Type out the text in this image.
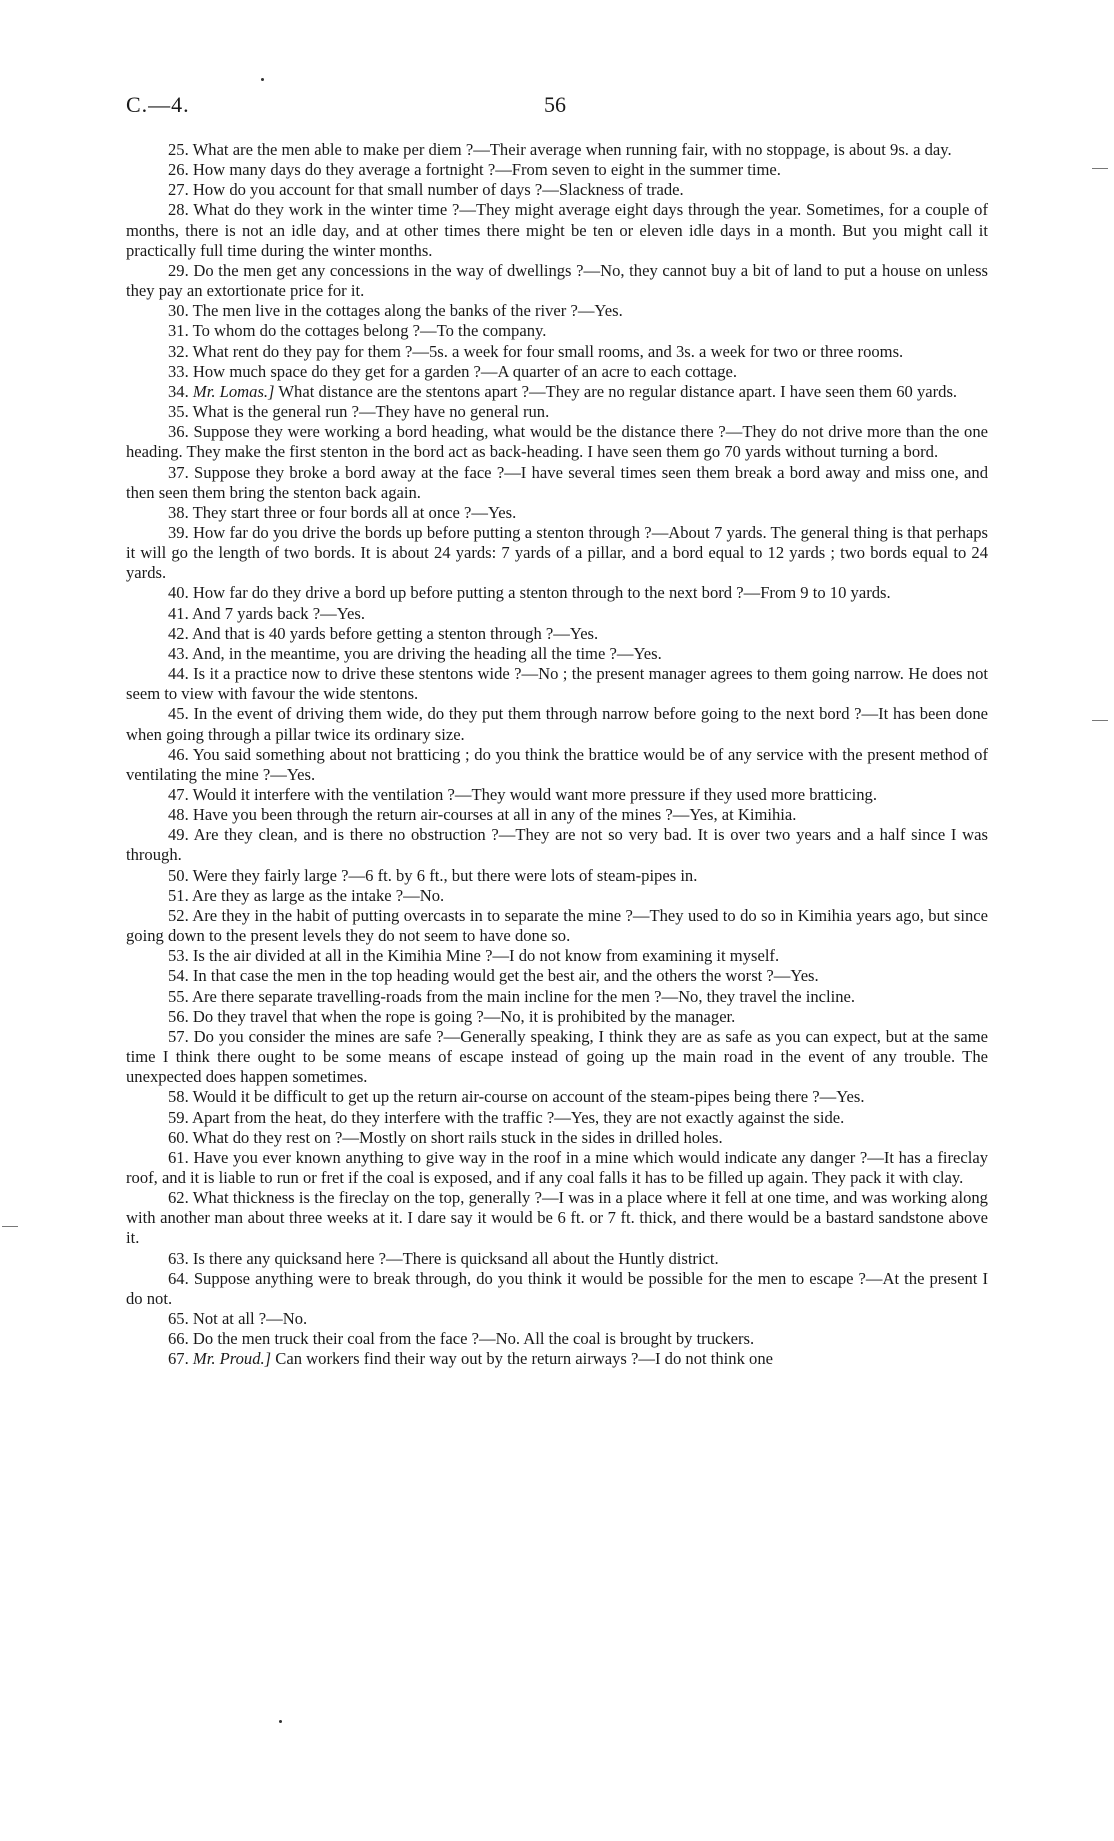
C.—4.	56

25. What are the men able to make per diem ?—Their average when running fair, with no stoppage, is about 9s. a day.

26. How many days do they average a fortnight ?—From seven to eight in the summer time.

27. How do you account for that small number of days ?—Slackness of trade.

28. What do they work in the winter time ?—They might average eight days through the year. Sometimes, for a couple of months, there is not an idle day, and at other times there might be ten or eleven idle days in a month. But you might call it practically full time during the winter months.

29. Do the men get any concessions in the way of dwellings ?—No, they cannot buy a bit of land to put a house on unless they pay an extortionate price for it.

30. The men live in the cottages along the banks of the river ?—Yes.

31. To whom do the cottages belong ?—To the company.

32. What rent do they pay for them ?—5s. a week for four small rooms, and 3s. a week for two or three rooms.

33. How much space do they get for a garden ?—A quarter of an acre to each cottage.

34. Mr. Lomas.] What distance are the stentons apart ?—They are no regular distance apart. I have seen them 60 yards.

35. What is the general run ?—They have no general run.

36. Suppose they were working a bord heading, what would be the distance there ?—They do not drive more than the one heading. They make the first stenton in the bord act as back-heading. I have seen them go 70 yards without turning a bord.

37. Suppose they broke a bord away at the face ?—I have several times seen them break a bord away and miss one, and then seen them bring the stenton back again.

38. They start three or four bords all at once ?—Yes.

39. How far do you drive the bords up before putting a stenton through ?—About 7 yards. The general thing is that perhaps it will go the length of two bords. It is about 24 yards: 7 yards of a pillar, and a bord equal to 12 yards ; two bords equal to 24 yards.

40. How far do they drive a bord up before putting a stenton through to the next bord ?—From 9 to 10 yards.

41. And 7 yards back ?—Yes.

42. And that is 40 yards before getting a stenton through ?—Yes.

43. And, in the meantime, you are driving the heading all the time ?—Yes.

44. Is it a practice now to drive these stentons wide ?—No ; the present manager agrees to them going narrow. He does not seem to view with favour the wide stentons.

45. In the event of driving them wide, do they put them through narrow before going to the next bord ?—It has been done when going through a pillar twice its ordinary size.

46. You said something about not bratticing ; do you think the brattice would be of any service with the present method of ventilating the mine ?—Yes.

47. Would it interfere with the ventilation ?—They would want more pressure if they used more bratticing.

48. Have you been through the return air-courses at all in any of the mines ?—Yes, at Kimihia.

49. Are they clean, and is there no obstruction ?—They are not so very bad. It is over two years and a half since I was through.

50. Were they fairly large ?—6 ft. by 6 ft., but there were lots of steam-pipes in.

51. Are they as large as the intake ?—No.

52. Are they in the habit of putting overcasts in to separate the mine ?—They used to do so in Kimihia years ago, but since going down to the present levels they do not seem to have done so.

53. Is the air divided at all in the Kimihia Mine ?—I do not know from examining it myself.

54. In that case the men in the top heading would get the best air, and the others the worst ?—Yes.

55. Are there separate travelling-roads from the main incline for the men ?—No, they travel the incline.

56. Do they travel that when the rope is going ?—No, it is prohibited by the manager.

57. Do you consider the mines are safe ?—Generally speaking, I think they are as safe as you can expect, but at the same time I think there ought to be some means of escape instead of going up the main road in the event of any trouble. The unexpected does happen sometimes.

58. Would it be difficult to get up the return air-course on account of the steam-pipes being there ?—Yes.

59. Apart from the heat, do they interfere with the traffic ?—Yes, they are not exactly against the side.

60. What do they rest on ?—Mostly on short rails stuck in the sides in drilled holes.

61. Have you ever known anything to give way in the roof in a mine which would indicate any danger ?—It has a fireclay roof, and it is liable to run or fret if the coal is exposed, and if any coal falls it has to be filled up again. They pack it with clay.

62. What thickness is the fireclay on the top, generally ?—I was in a place where it fell at one time, and was working along with another man about three weeks at it. I dare say it would be 6 ft. or 7 ft. thick, and there would be a bastard sandstone above it.

63. Is there any quicksand here ?—There is quicksand all about the Huntly district.

64. Suppose anything were to break through, do you think it would be possible for the men to escape ?—At the present I do not.

65. Not at all ?—No.

66. Do the men truck their coal from the face ?—No. All the coal is brought by truckers.

67. Mr. Proud.] Can workers find their way out by the return airways ?—I do not think one
